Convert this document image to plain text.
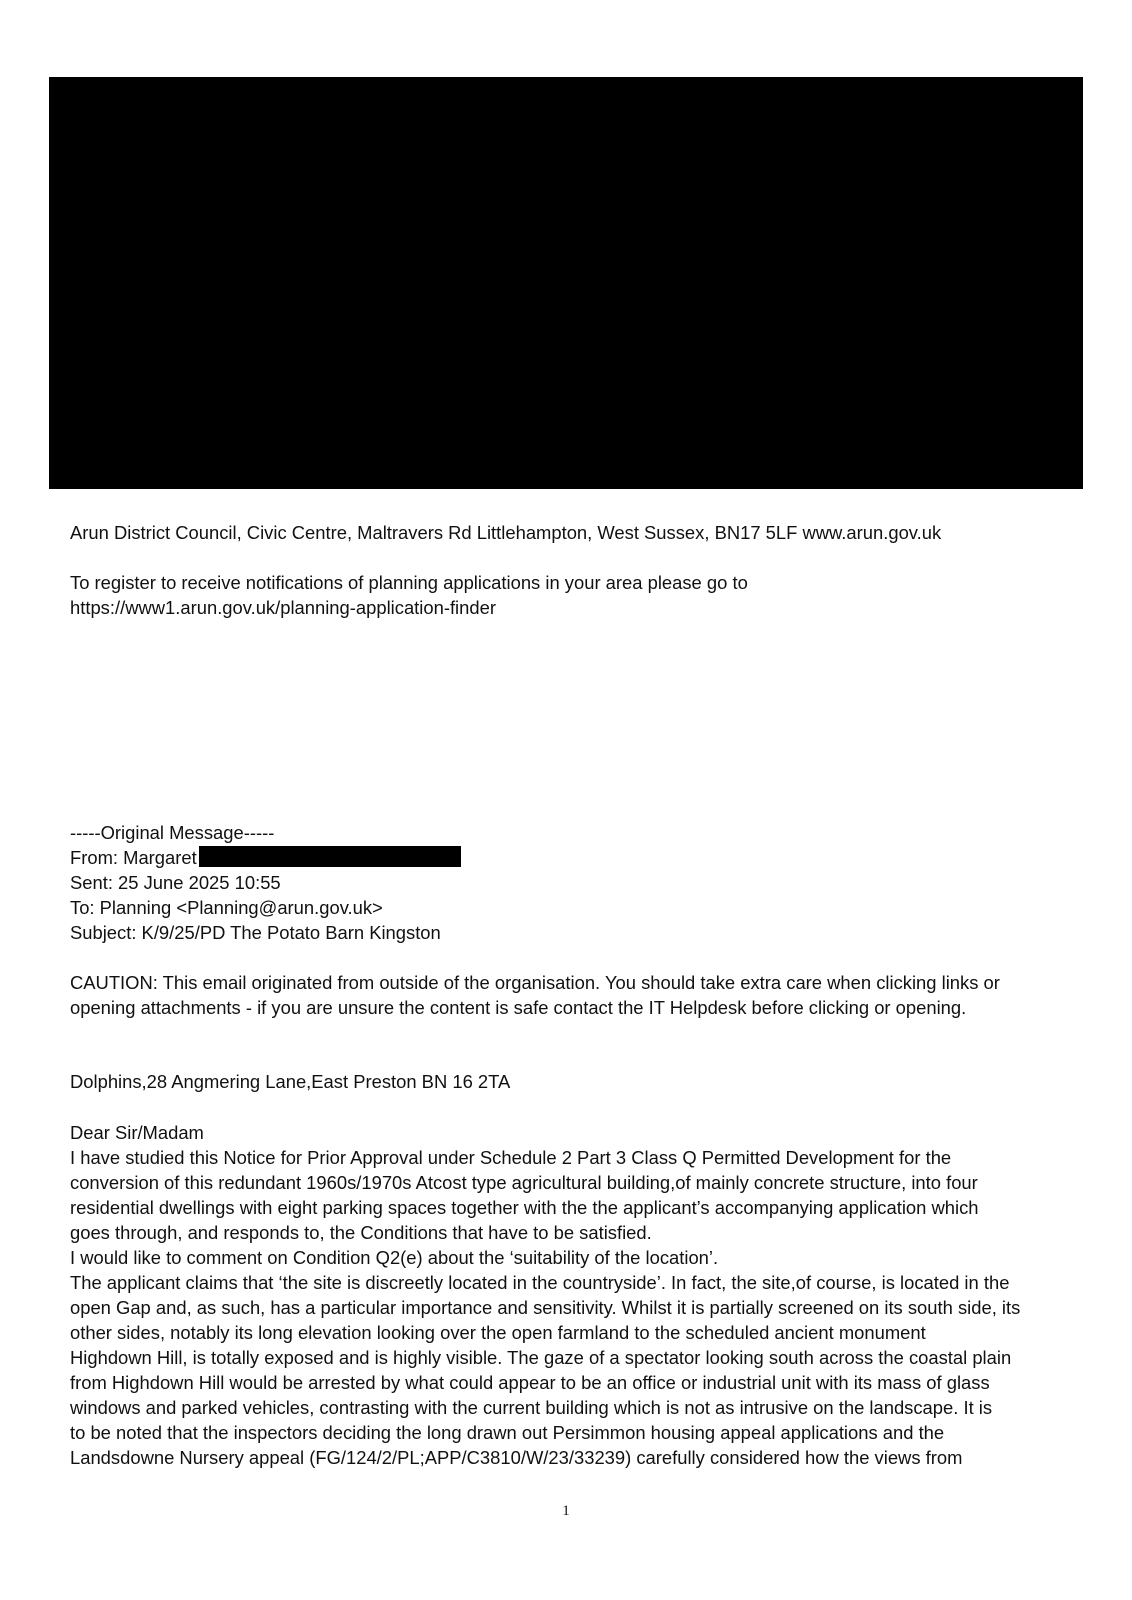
Arun District Council, Civic Centre, Maltravers Rd Littlehampton, West Sussex, BN17 5LF www.arun.gov.uk
To register to receive notifications of planning applications in your area please go to
https://www1.arun.gov.uk/planning-application-finder
-----Original Message-----
From: Margaret
Sent: 25 June 2025 10:55
To: Planning <Planning@arun.gov.uk>
Subject: K/9/25/PD The Potato Barn Kingston
CAUTION: This email originated from outside of the organisation. You should take extra care when clicking links or
opening attachments - if you are unsure the content is safe contact the IT Helpdesk before clicking or opening.
Dolphins,28 Angmering Lane,East Preston BN 16 2TA
Dear Sir/Madam
I have studied this Notice for Prior Approval under Schedule 2 Part 3 Class Q Permitted Development for the
conversion of this redundant 1960s/1970s Atcost type agricultural building,of mainly concrete structure, into four
residential dwellings with eight parking spaces together with the the applicant’s accompanying application which
goes through, and responds to, the Conditions that have to be satisfied.
I would like to comment on Condition Q2(e) about the ‘suitability of the location’.
The applicant claims that ‘the site is discreetly located in the countryside’. In fact, the site,of course, is located in the
open Gap and, as such, has a particular importance and sensitivity. Whilst it is partially screened on its south side, its
other sides, notably its long elevation looking over the open farmland to the scheduled ancient monument
Highdown Hill, is totally exposed and is highly visible. The gaze of a spectator looking south across the coastal plain
from Highdown Hill would be arrested by what could appear to be an office or industrial unit with its mass of glass
windows and parked vehicles, contrasting with the current building which is not as intrusive on the landscape. It is
to be noted that the inspectors deciding the long drawn out Persimmon housing appeal applications and the
Landsdowne Nursery appeal (FG/124/2/PL;APP/C3810/W/23/33239) carefully considered how the views from
1
